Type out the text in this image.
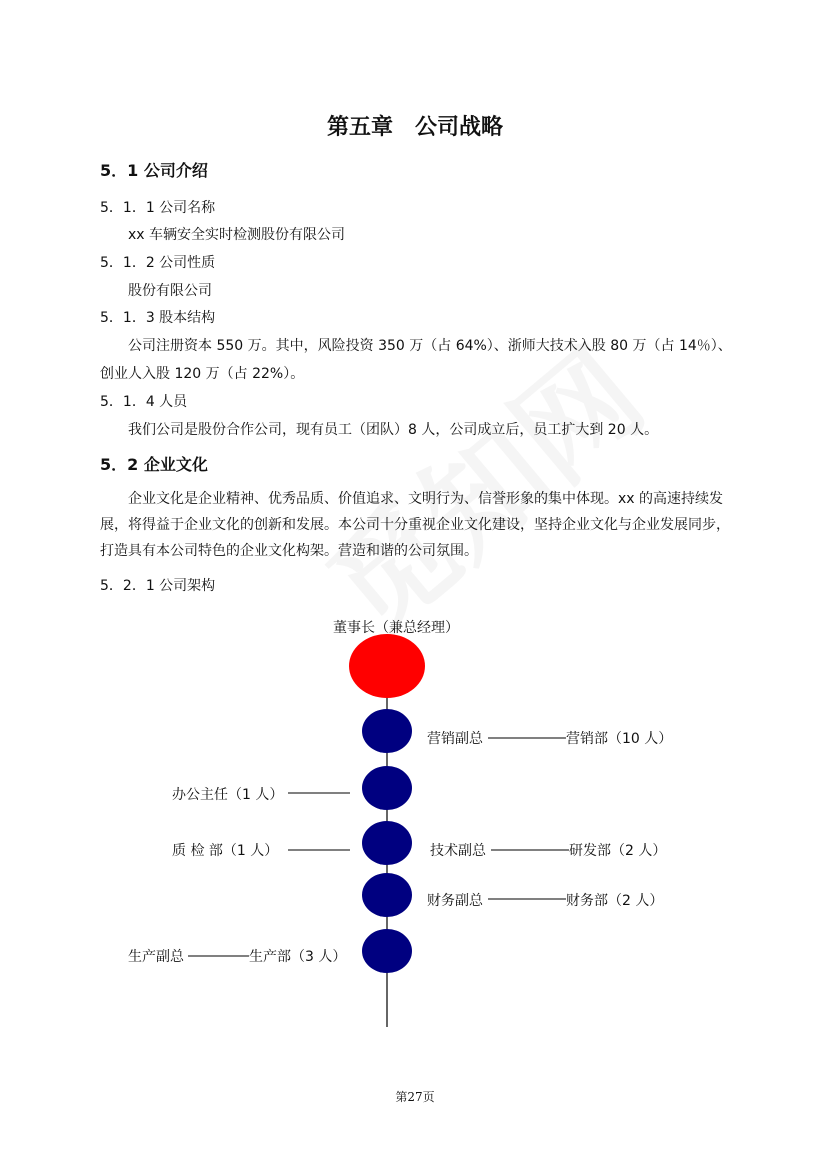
第五章　公司战略
5．1 公司介绍
5．1．1 公司名称
xx 车辆安全实时检测股份有限公司
5．1．2 公司性质
股份有限公司
5．1．3 股本结构
公司注册资本 550 万。其中，风险投资 350 万（占 64%）、浙师大技术入股 80 万（占 14％）、
创业人入股 120 万（占 22%）。
5．1．4 人员
我们公司是股份合作公司，现有员工（团队）8 人，公司成立后，员工扩大到 20 人。
5．2 企业文化

企业文化是企业精神、优秀品质、价值追求、文明行为、信誉形象的集中体现。xx 的高速持续发展，将得益于企业文化的创新和发展。本公司十分重视企业文化建设，坚持企业文化与企业发展同步，打造具有本公司特色的企业文化构架。营造和谐的公司氛围。

5．2．1 公司架构
董事长（兼总经理）
营销副总	营销部（10 人）
办公主任（1 人）
质 检 部（1 人）	技术副总	研发部（2 人）
财务副总	财务部（2 人）
生产副总	生产部（3 人）
第27页
